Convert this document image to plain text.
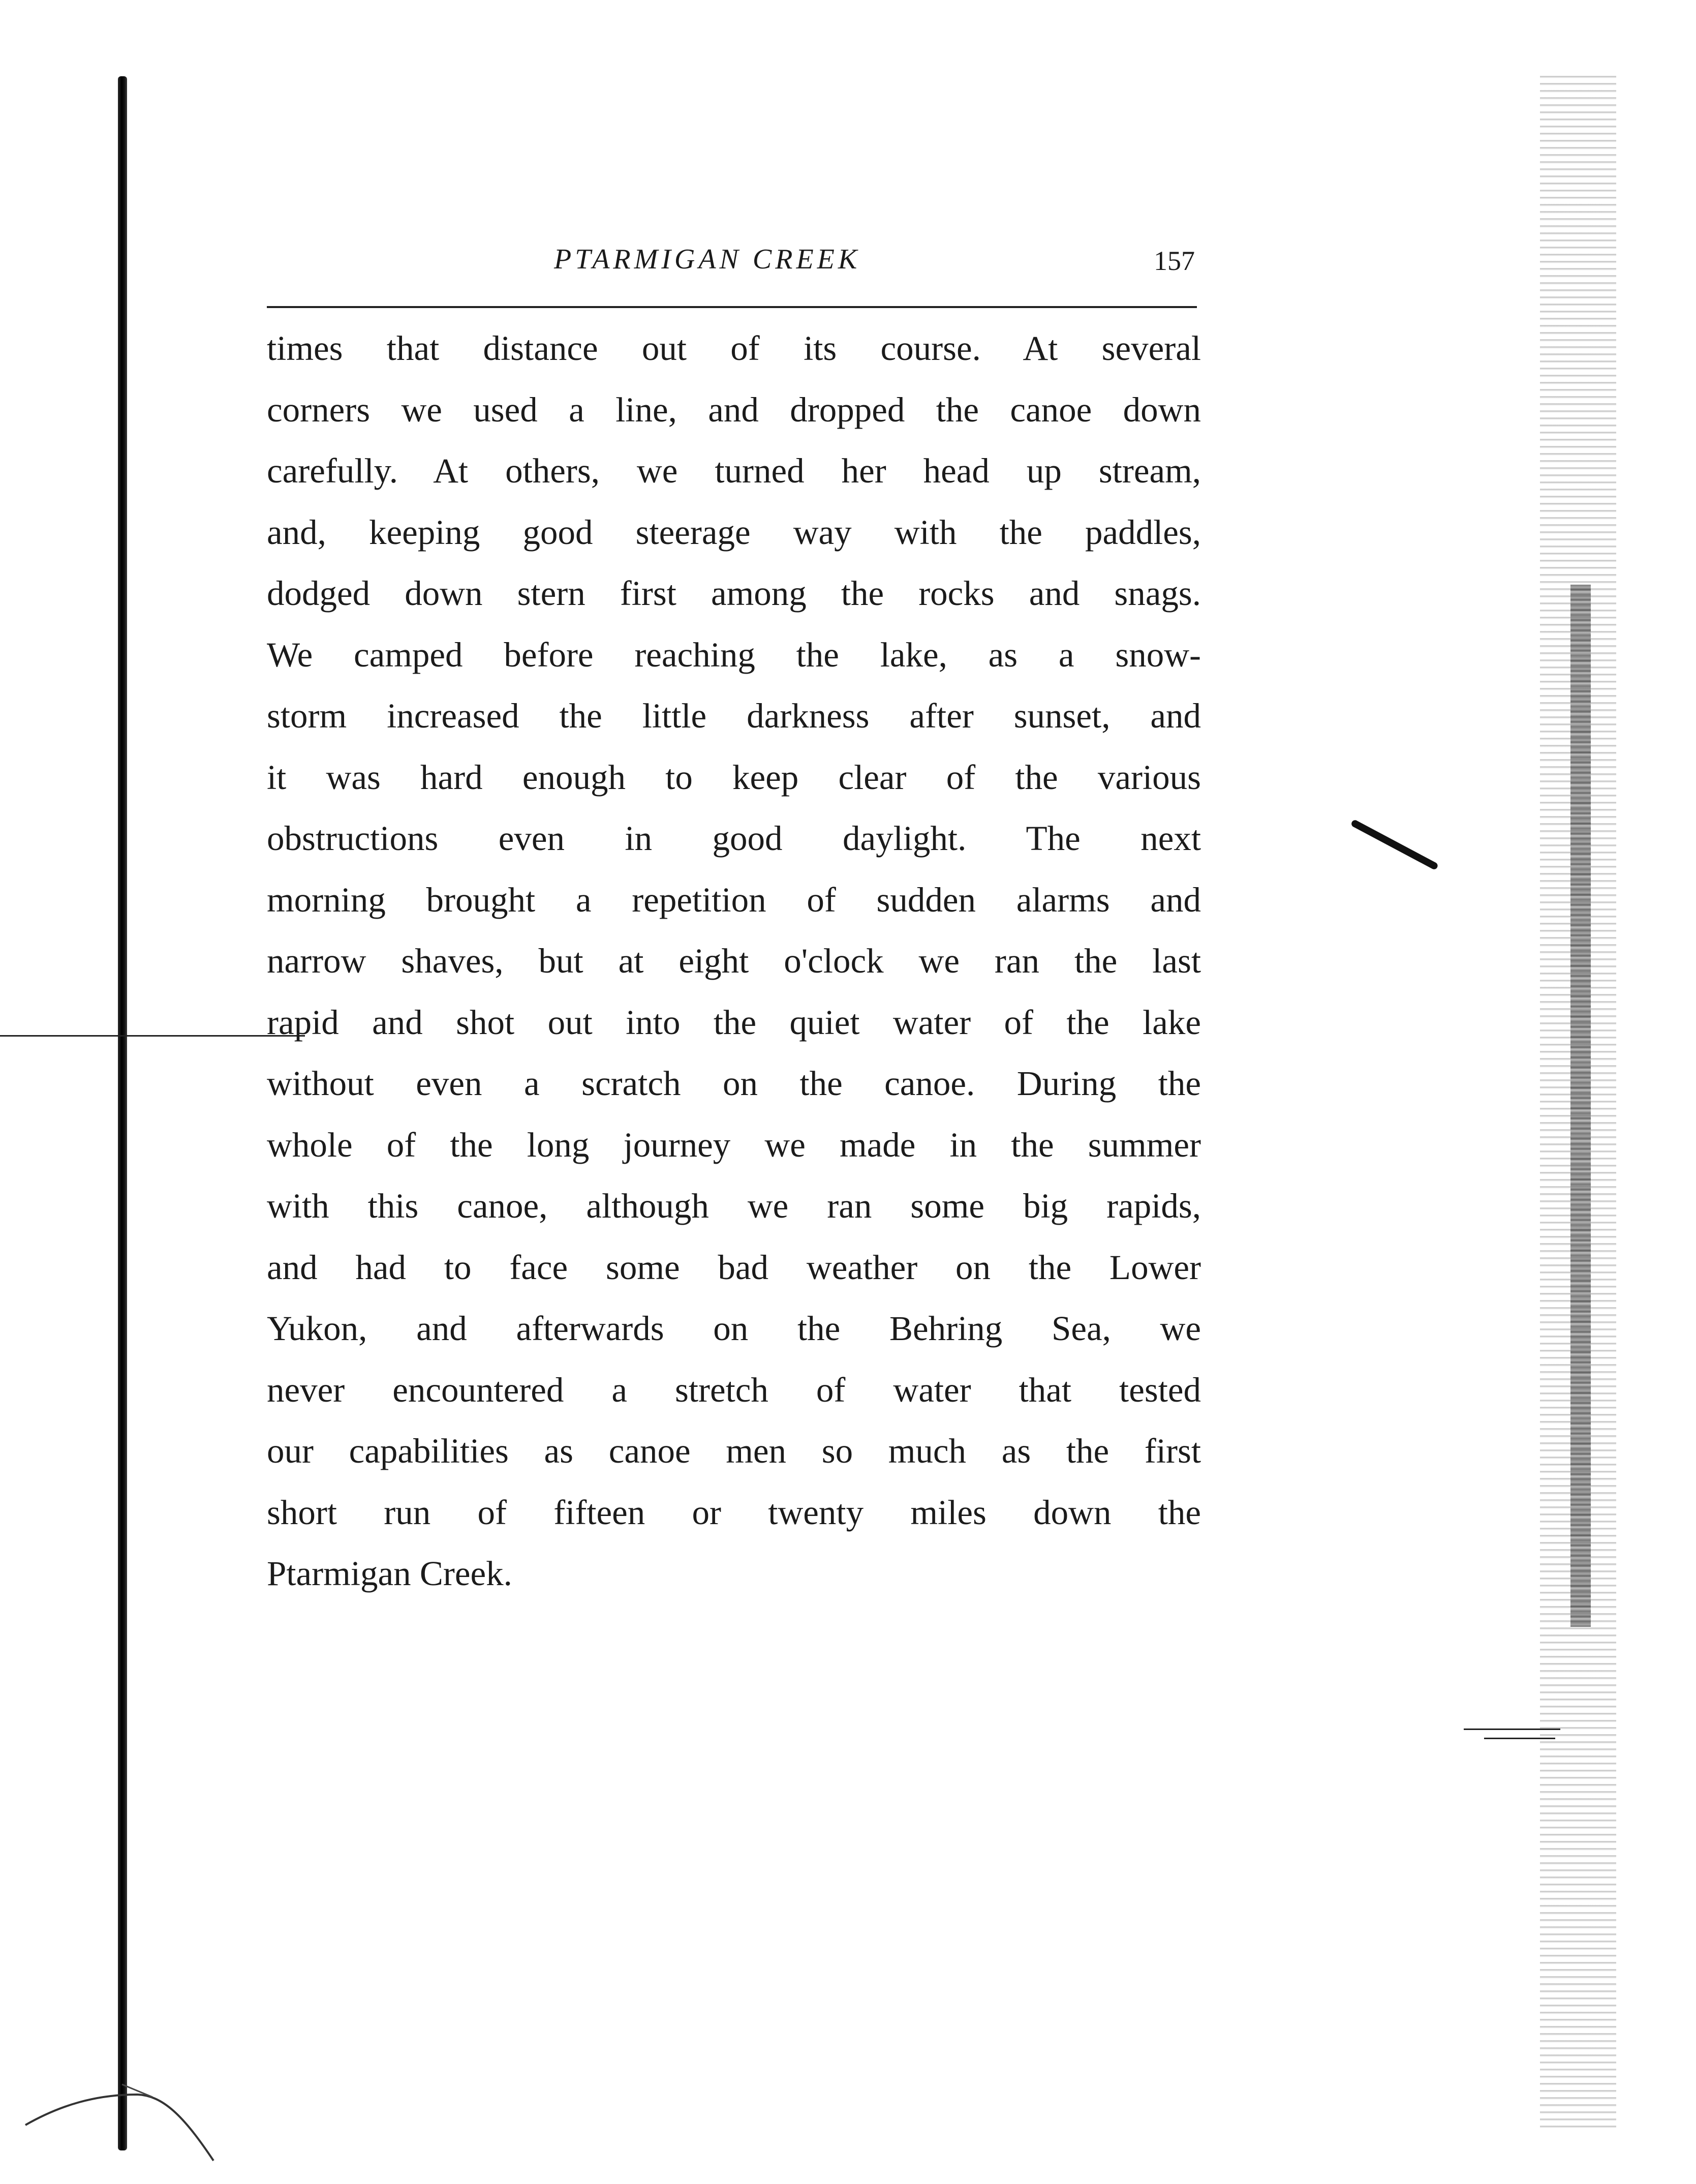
PTARMIGAN CREEK	157
times that distance out of its course. At several
corners we used a line, and dropped the canoe down
carefully. At others, we turned her head up stream,
and, keeping good steerage way with the paddles,
dodged down stern first among the rocks and snags.
We camped before reaching the lake, as a snow-
storm increased the little darkness after sunset, and
it was hard enough to keep clear of the various
obstructions even in good daylight. The next
morning brought a repetition of sudden alarms and
narrow shaves, but at eight o'clock we ran the last
rapid and shot out into the quiet water of the lake
without even a scratch on the canoe. During the
whole of the long journey we made in the summer
with this canoe, although we ran some big rapids,
and had to face some bad weather on the Lower
Yukon, and afterwards on the Behring Sea, we
never encountered a stretch of water that tested
our capabilities as canoe men so much as the first
short run of fifteen or twenty miles down the
Ptarmigan Creek.
